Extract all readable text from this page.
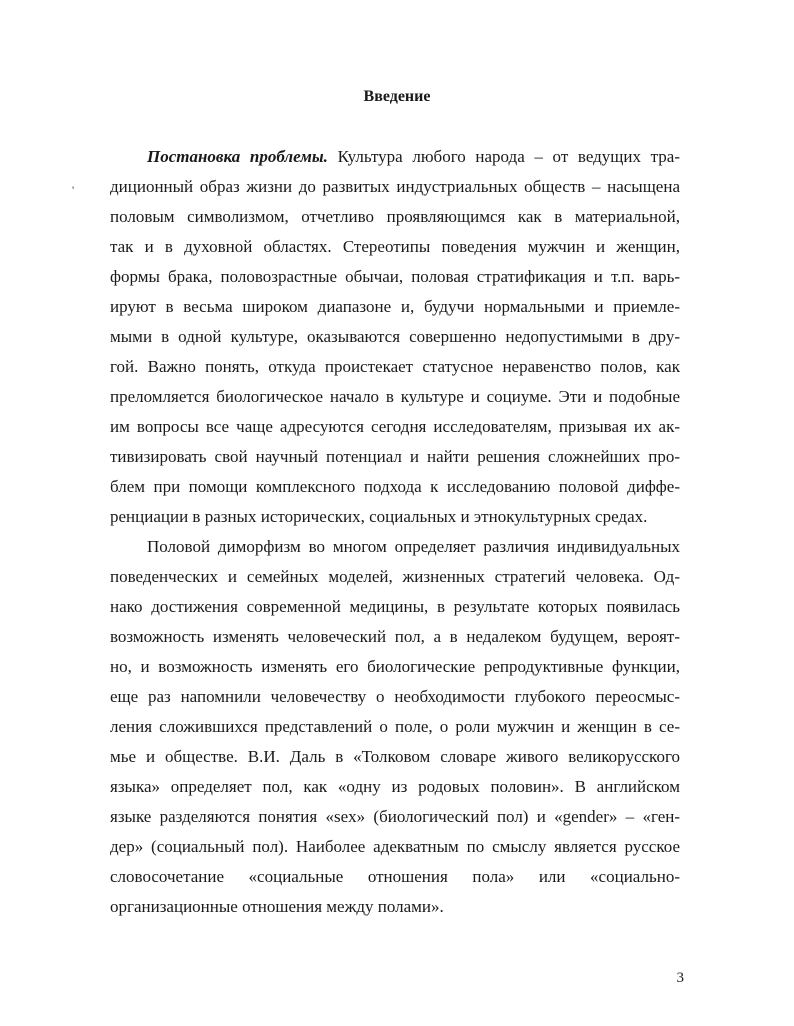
Введение
'
Постановка проблемы. Культура любого народа – от ведущих тра-
диционный образ жизни до развитых индустриальных обществ – насыщена
половым символизмом, отчетливо проявляющимся как в материальной,
так и в духовной областях. Стереотипы поведения мужчин и женщин,
формы брака, половозрастные обычаи, половая стратификация и т.п. варь-
ируют в весьма широком диапазоне и, будучи нормальными и приемле-
мыми в одной культуре, оказываются совершенно недопустимыми в дру-
гой. Важно понять, откуда проистекает статусное неравенство полов, как
преломляется биологическое начало в культуре и социуме. Эти и подобные
им вопросы все чаще адресуются сегодня исследователям, призывая их ак-
тивизировать свой научный потенциал и найти решения сложнейших про-
блем при помощи комплексного подхода к исследованию половой диффе-
ренциации в разных исторических, социальных и этнокультурных средах.
Половой диморфизм во многом определяет различия индивидуальных
поведенческих и семейных моделей, жизненных стратегий человека. Од-
нако достижения современной медицины, в результате которых появилась
возможность изменять человеческий пол, а в недалеком будущем, вероят-
но, и возможность изменять его биологические репродуктивные функции,
еще раз напомнили человечеству о необходимости глубокого переосмыс-
ления сложившихся представлений о поле, о роли мужчин и женщин в се-
мье и обществе. В.И. Даль в «Толковом словаре живого великорусского
языка» определяет пол, как «одну из родовых половин». В английском
языке разделяются понятия «sex» (биологический пол) и «gender» – «ген-
дер» (социальный пол). Наиболее адекватным по смыслу является русское
словосочетание «социальные отношения пола» или «социально-
организационные отношения между полами».
3
